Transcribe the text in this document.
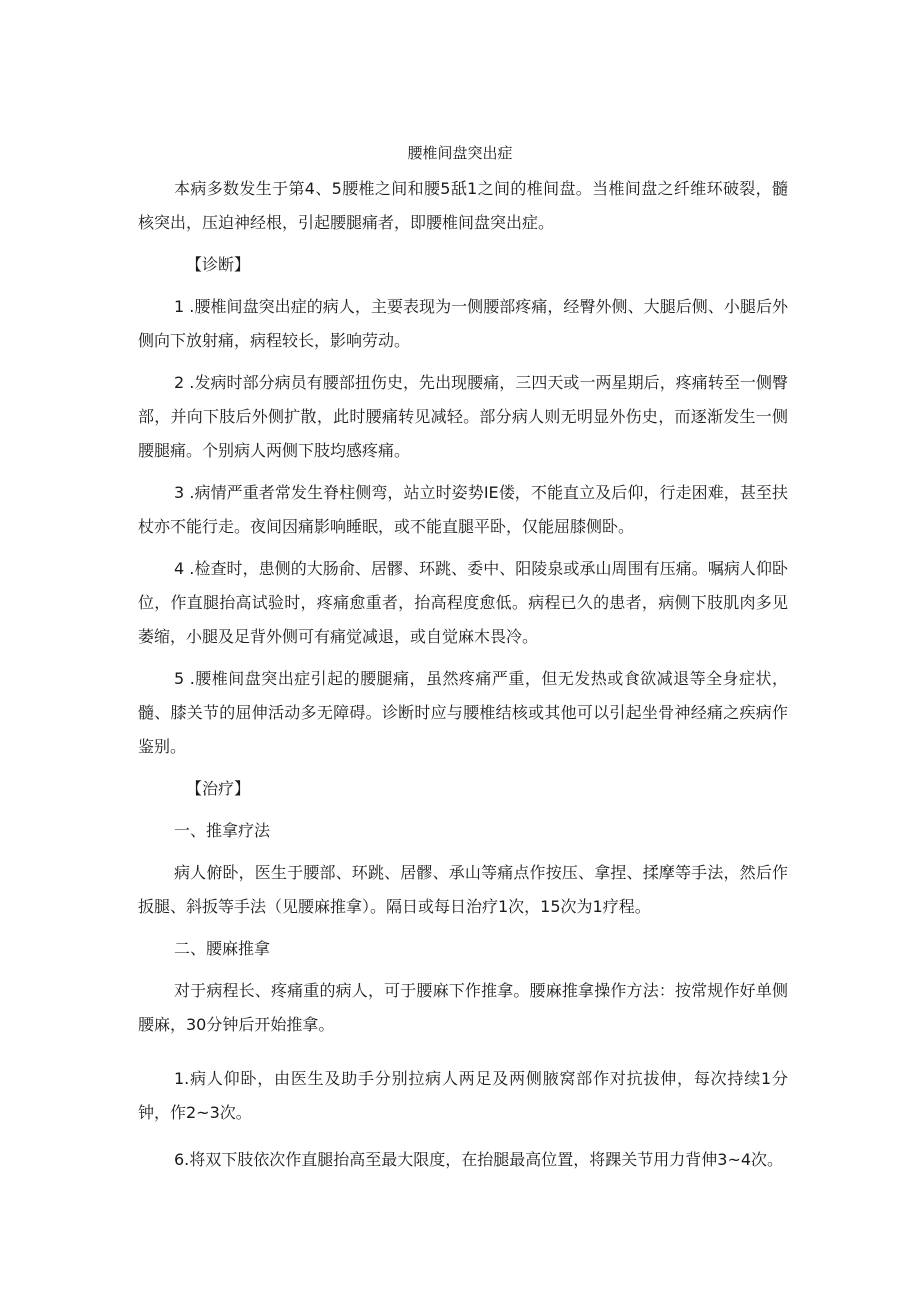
腰椎间盘突出症

本病多数发生于第4、5腰椎之间和腰5舐1之间的椎间盘。当椎间盘之纤维环破裂，髓核突出，压迫神经根，引起腰腿痛者，即腰椎间盘突出症。

【诊断】

1 .腰椎间盘突出症的病人，主要表现为一侧腰部疼痛，经臀外侧、大腿后侧、小腿后外侧向下放射痛，病程较长，影响劳动。

2 .发病时部分病员有腰部扭伤史，先出现腰痛，三四天或一两星期后，疼痛转至一侧臀部，并向下肢后外侧扩散，此时腰痛转见减轻。部分病人则无明显外伤史，而逐渐发生一侧腰腿痛。个别病人两侧下肢均感疼痛。

3 .病情严重者常发生脊柱侧弯，站立时姿势IE偻，不能直立及后仰，行走困难，甚至扶杖亦不能行走。夜间因痛影响睡眠，或不能直腿平卧，仅能屈膝侧卧。

4 .检查时，患侧的大肠俞、居髎、环跳、委中、阳陵泉或承山周围有压痛。嘱病人仰卧位，作直腿抬高试验时，疼痛愈重者，抬高程度愈低。病程已久的患者，病侧下肢肌肉多见萎缩，小腿及足背外侧可有痛觉减退，或自觉麻木畏冷。

5 .腰椎间盘突出症引起的腰腿痛，虽然疼痛严重，但无发热或食欲减退等全身症状，髓、膝关节的屈伸活动多无障碍。诊断时应与腰椎结核或其他可以引起坐骨神经痛之疾病作鉴别。

【治疗】

一、推拿疗法

病人俯卧，医生于腰部、环跳、居髎、承山等痛点作按压、拿捏、揉摩等手法，然后作扳腿、斜扳等手法（见腰麻推拿）。隔日或每日治疗1次，15次为1疗程。

二、腰麻推拿

对于病程长、疼痛重的病人，可于腰麻下作推拿。腰麻推拿操作方法：按常规作好单侧腰麻，30分钟后开始推拿。

1.病人仰卧，由医生及助手分别拉病人两足及两侧腋窝部作对抗拔伸，每次持续1分钟，作2~3次。

6.将双下肢依次作直腿抬高至最大限度，在抬腿最高位置，将踝关节用力背伸3~4次。
